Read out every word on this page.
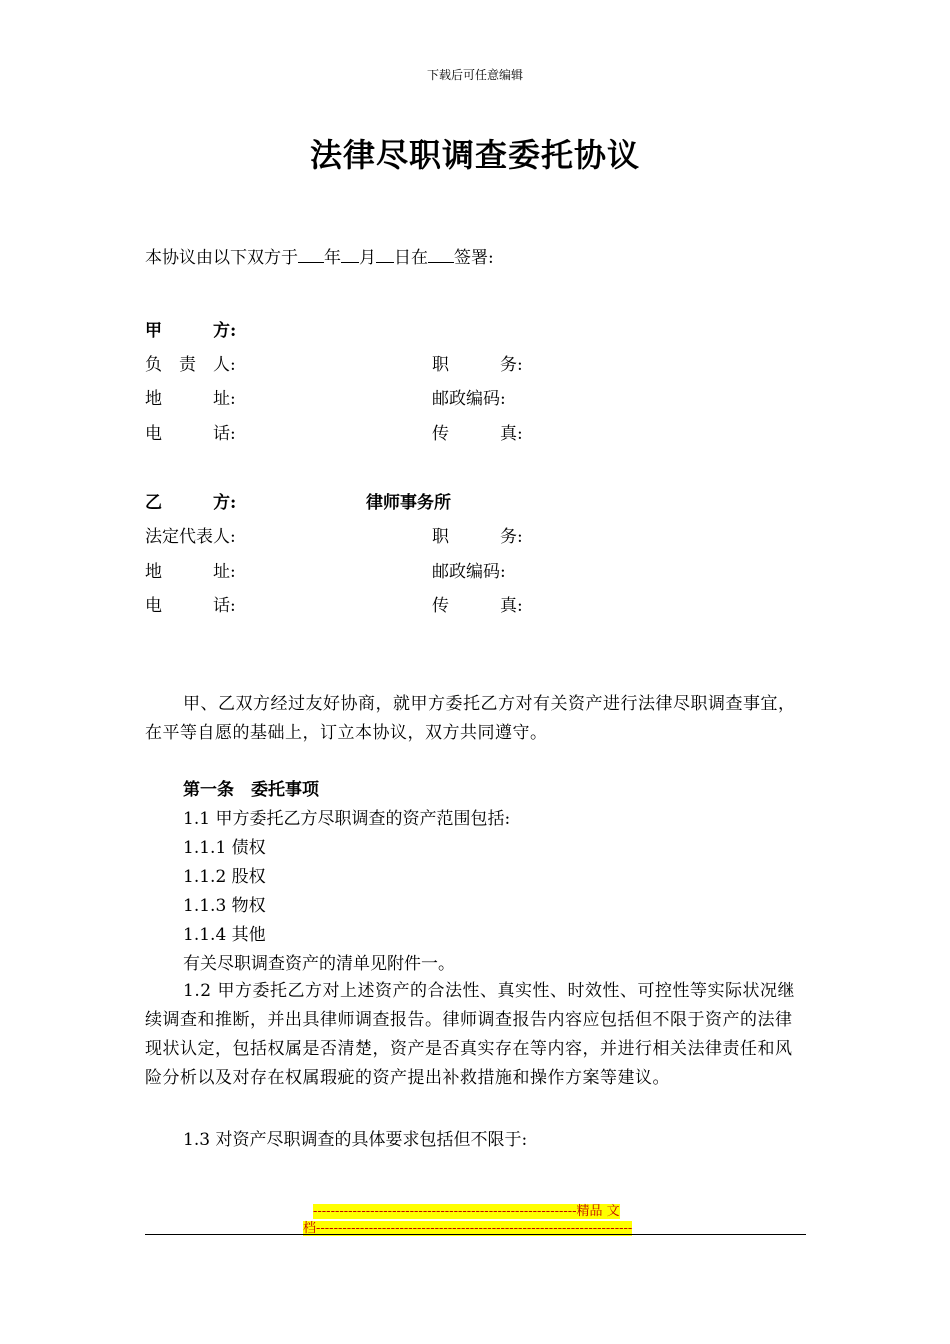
下载后可任意编辑
法律尽职调查委托协议
本协议由以下双方于 年 月 日在 签署:
甲　　　方:
负　责　人:	职　　　务:
地　　　址:	邮政编码:
电　　　话:	传　　　真:
乙　　　方:	律师事务所
法定代表人:	职　　　务:
地　　　址:	邮政编码:
电　　　话:	传　　　真:
甲、乙双方经过友好协商，就甲方委托乙方对有关资产进行法律尽职调查事宜，在平等自愿的基础上，订立本协议，双方共同遵守。
第一条　委托事项
1.1 甲方委托乙方尽职调查的资产范围包括:
1.1.1 债权
1.1.2 股权
1.1.3 物权
1.1.4 其他
有关尽职调查资产的清单见附件一。
1.2 甲方委托乙方对上述资产的合法性、真实性、时效性、可控性等实际状况继续调查和推断，并出具律师调查报告。律师调查报告内容应包括但不限于资产的法律现状认定，包括权属是否清楚，资产是否真实存在等内容，并进行相关法律责任和风险分析以及对存在权属瑕疵的资产提出补救措施和操作方案等建议。
1.3 对资产尽职调查的具体要求包括但不限于:
------------------------------------------------------------精品 文
档------------------------------------------------------------------------
